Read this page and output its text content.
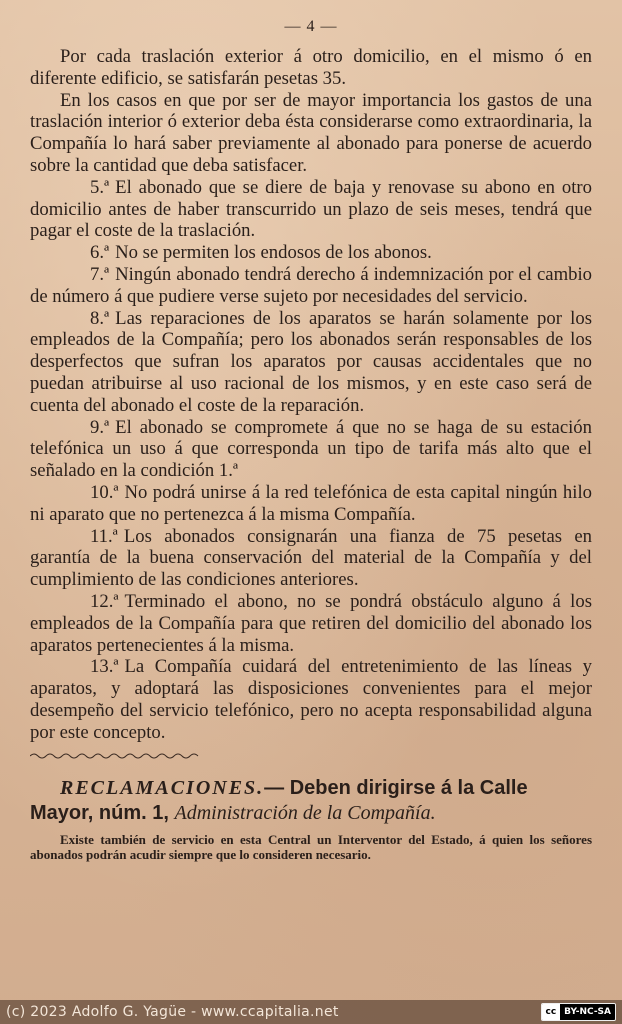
— 4 —

Por cada traslación exterior á otro domicilio, en el mismo ó en diferente edificio, se satisfarán pesetas 35.

En los casos en que por ser de mayor importancia los gastos de una traslación interior ó exterior deba ésta considerarse como extraordinaria, la Compañía lo hará saber previamente al abonado para ponerse de acuerdo sobre la cantidad que deba satisfacer.

5.ª El abonado que se diere de baja y renovase su abono en otro domicilio antes de haber transcurrido un plazo de seis meses, tendrá que pagar el coste de la traslación.

6.ª No se permiten los endosos de los abonos.

7.ª Ningún abonado tendrá derecho á indemnización por el cambio de número á que pudiere verse sujeto por necesidades del servicio.

8.ª Las reparaciones de los aparatos se harán solamente por los empleados de la Compañía; pero los abonados serán responsables de los desperfectos que sufran los aparatos por causas accidentales que no puedan atribuirse al uso racional de los mismos, y en este caso será de cuenta del abonado el coste de la reparación.

9.ª El abonado se compromete á que no se haga de su estación telefónica un uso á que corresponda un tipo de tarifa más alto que el señalado en la condición 1.ª

10.ª No podrá unirse á la red telefónica de esta capital ningún hilo ni aparato que no pertenezca á la misma Compañía.

11.ª Los abonados consignarán una fianza de 75 pesetas en garantía de la buena conservación del material de la Compañía y del cumplimiento de las condiciones anteriores.

12.ª Terminado el abono, no se pondrá obstáculo alguno á los empleados de la Compañía para que retiren del domicilio del abonado los aparatos pertenecientes á la misma.

13.ª La Compañía cuidará del entretenimiento de las líneas y aparatos, y adoptará las disposiciones convenientes para el mejor desempeño del servicio telefónico, pero no acepta responsabilidad alguna por este concepto.

RECLAMACIONES.— Deben dirigirse á la Calle Mayor, núm. 1, Administración de la Compañía.

Existe también de servicio en esta Central un Interventor del Estado, á quien los señores abonados podrán acudir siempre que lo consideren necesario.

(c) 2023 Adolfo G. Yagüe - www.ccapitalia.net	cc BY-NC-SA
